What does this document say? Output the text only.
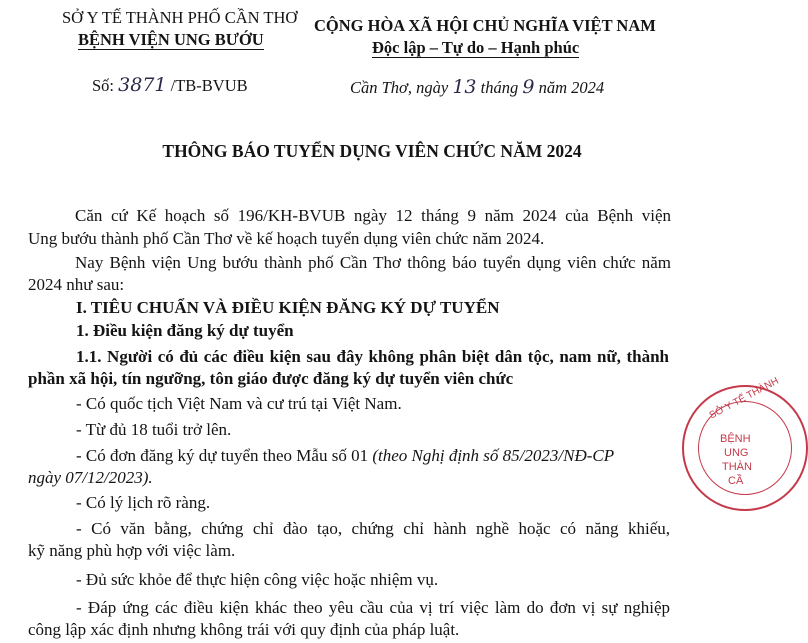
SỞ Y TẾ THÀNH PHỐ CẦN THƠ
BỆNH VIỆN UNG BƯỚU
Số: 3871 /TB-BVUB
CỘNG HÒA XÃ HỘI CHỦ NGHĨA VIỆT NAM
Độc lập – Tự do – Hạnh phúc
Cần Thơ, ngày 13 tháng 9 năm 2024
THÔNG BÁO TUYỂN DỤNG VIÊN CHỨC NĂM 2024
Căn cứ Kế hoạch số 196/KH-BVUB ngày 12 tháng 9 năm 2024 của Bệnh viện
Ung bướu thành phố Cần Thơ về kế hoạch tuyển dụng viên chức năm 2024.
Nay Bệnh viện Ung bướu thành phố Cần Thơ thông báo tuyển dụng viên chức năm
2024 như sau:
I. TIÊU CHUẨN VÀ ĐIỀU KIỆN ĐĂNG KÝ DỰ TUYỂN
1. Điều kiện đăng ký dự tuyển
1.1. Người có đủ các điều kiện sau đây không phân biệt dân tộc, nam nữ, thành
phần xã hội, tín ngưỡng, tôn giáo được đăng ký dự tuyển viên chức
- Có quốc tịch Việt Nam và cư trú tại Việt Nam.
- Từ đủ 18 tuổi trở lên.
- Có đơn đăng ký dự tuyển theo Mẫu số 01 (theo Nghị định số 85/2023/NĐ-CP
ngày 07/12/2023).
- Có lý lịch rõ ràng.
- Có văn bằng, chứng chỉ đào tạo, chứng chỉ hành nghề hoặc có năng khiếu,
kỹ năng phù hợp với việc làm.
- Đủ sức khỏe để thực hiện công việc hoặc nhiệm vụ.
- Đáp ứng các điều kiện khác theo yêu cầu của vị trí việc làm do đơn vị sự nghiệp
công lập xác định nhưng không trái với quy định của pháp luật.
SỞ Y TẾ THÀNH
BỆNH
UNG
THÀN
CẦ
